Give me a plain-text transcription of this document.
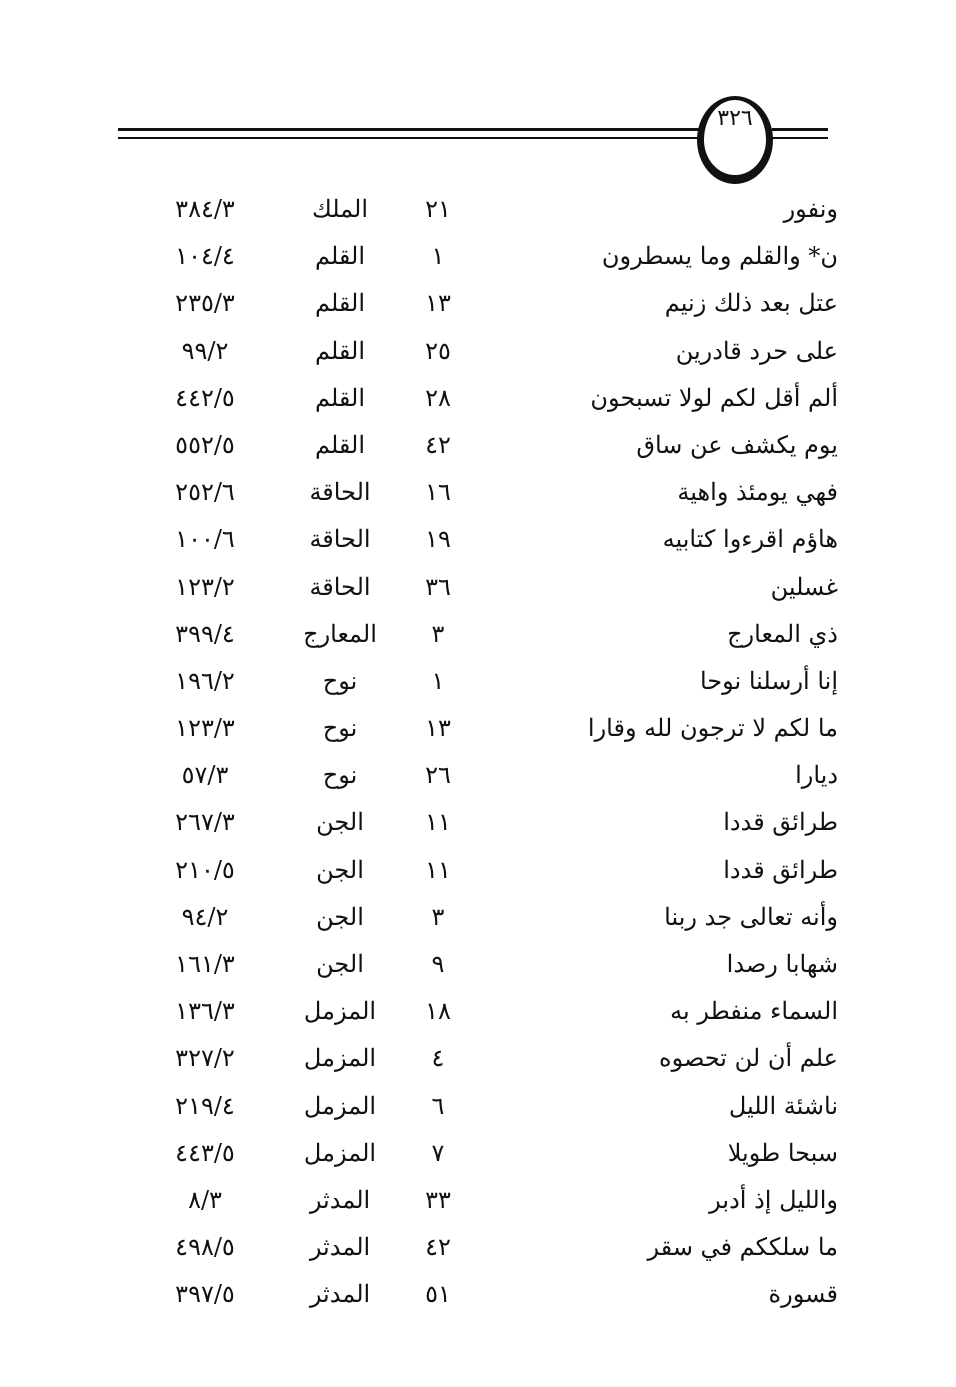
٣٢٦
ونفور
٢١
الملك
٣٨٤/٣
ن* والقلم وما يسطرون
١
القلم
١٠٤/٤
عتل بعد ذلك زنيم
١٣
القلم
٢٣٥/٣
على حرد قادرين
٢٥
القلم
٩٩/٢
ألم أقل لكم لولا تسبحون
٢٨
القلم
٤٤٢/٥
يوم يكشف عن ساق
٤٢
القلم
٥٥٢/٥
فهي يومئذ واهية
١٦
الحاقة
٢٥٢/٦
هاؤم اقرءوا كتابيه
١٩
الحاقة
١٠٠/٦
غسلين
٣٦
الحاقة
١٢٣/٢
ذي المعارج
٣
المعارج
٣٩٩/٤
إنا أرسلنا نوحا
١
نوح
١٩٦/٢
ما لكم لا ترجون لله وقارا
١٣
نوح
١٢٣/٣
ديارا
٢٦
نوح
٥٧/٣
طرائق قددا
١١
الجن
٢٦٧/٣
طرائق قددا
١١
الجن
٢١٠/٥
وأنه تعالى جد ربنا
٣
الجن
٩٤/٢
شهابا رصدا
٩
الجن
١٦١/٣
السماء منفطر به
١٨
المزمل
١٣٦/٣
علم أن لن تحصوه
٤
المزمل
٣٢٧/٢
ناشئة الليل
٦
المزمل
٢١٩/٤
سبحا طويلا
٧
المزمل
٤٤٣/٥
والليل إذ أدبر
٣٣
المدثر
٨/٣
ما سلككم في سقر
٤٢
المدثر
٤٩٨/٥
قسورة
٥١
المدثر
٣٩٧/٥
